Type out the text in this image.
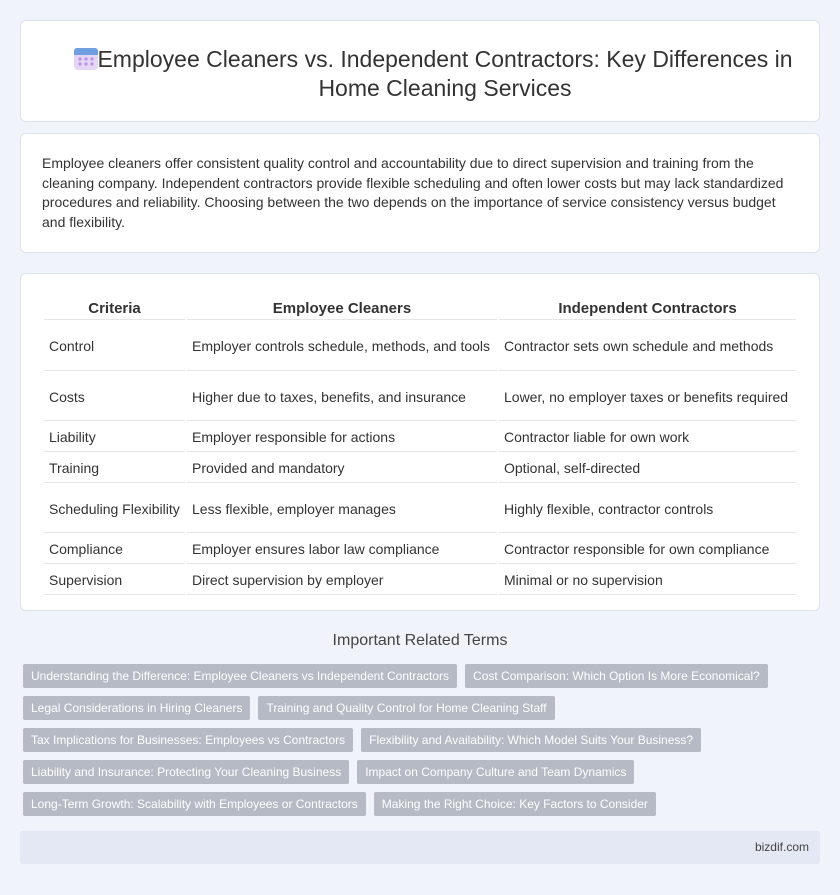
Employee Cleaners vs. Independent Contractors: Key Differences in Home Cleaning Services

Employee cleaners offer consistent quality control and accountability due to direct supervision and training from the cleaning company. Independent contractors provide flexible scheduling and often lower costs but may lack standardized procedures and reliability. Choosing between the two depends on the importance of service consistency versus budget and flexibility.

Criteria	Employee Cleaners	Independent Contractors
Control	Employer controls schedule, methods, and tools	Contractor sets own schedule and methods
Costs	Higher due to taxes, benefits, and insurance	Lower, no employer taxes or benefits required
Liability	Employer responsible for actions	Contractor liable for own work
Training	Provided and mandatory	Optional, self-directed
Scheduling Flexibility	Less flexible, employer manages	Highly flexible, contractor controls
Compliance	Employer ensures labor law compliance	Contractor responsible for own compliance
Supervision	Direct supervision by employer	Minimal or no supervision
Important Related Terms
Understanding the Difference: Employee Cleaners vs Independent Contractors	Cost Comparison: Which Option Is More Economical?
Legal Considerations in Hiring Cleaners	Training and Quality Control for Home Cleaning Staff
Tax Implications for Businesses: Employees vs Contractors	Flexibility and Availability: Which Model Suits Your Business?
Liability and Insurance: Protecting Your Cleaning Business	Impact on Company Culture and Team Dynamics
Long-Term Growth: Scalability with Employees or Contractors	Making the Right Choice: Key Factors to Consider
bizdif.com
